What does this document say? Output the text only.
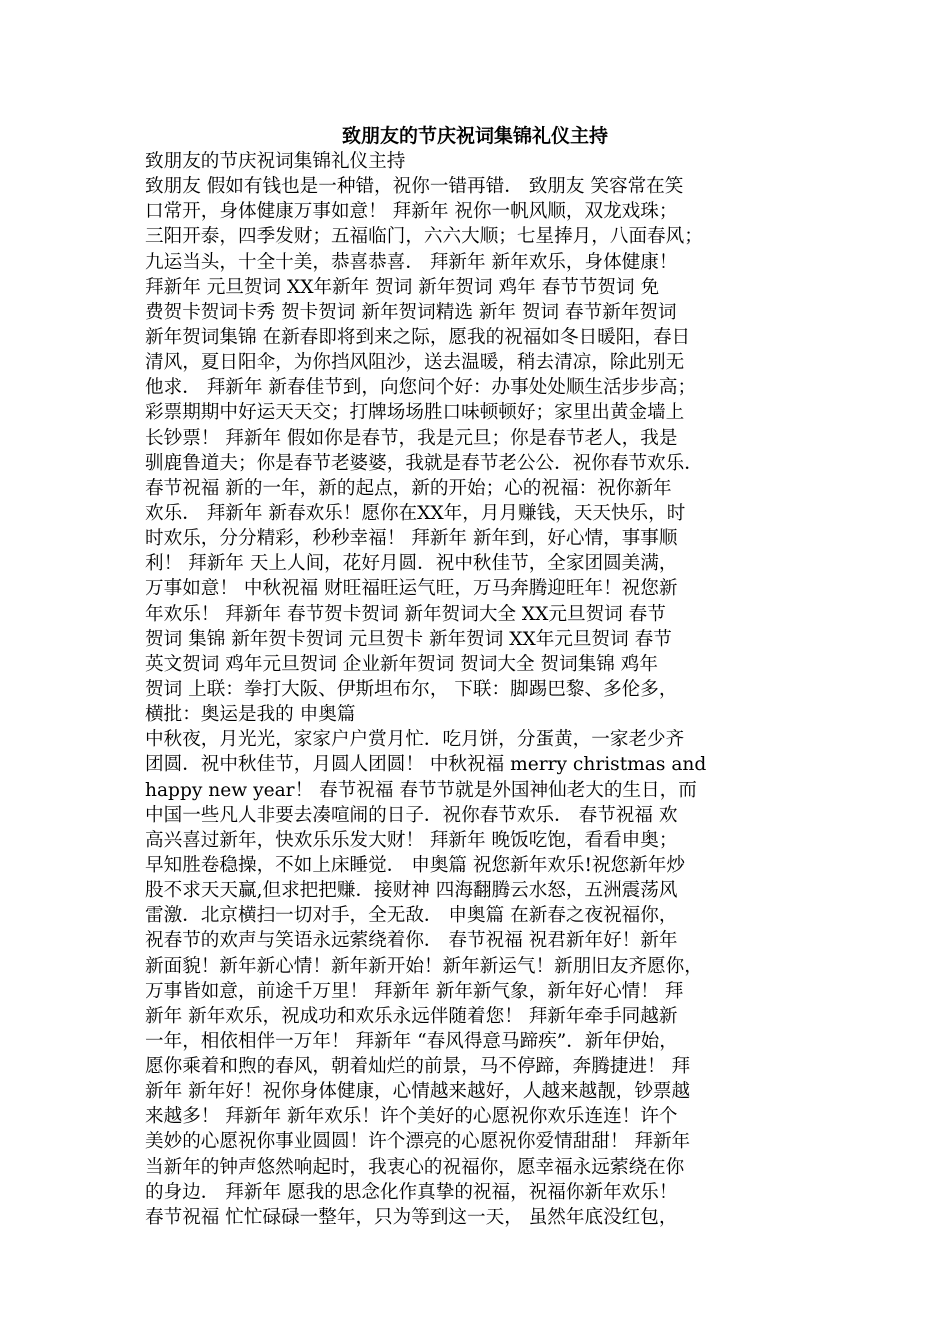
致朋友的节庆祝词集锦礼仪主持
致朋友的节庆祝词集锦礼仪主持
致朋友 假如有钱也是一种错，祝你一错再错． 致朋友 笑容常在笑
口常开，身体健康万事如意！ 拜新年 祝你一帆风顺，双龙戏珠；
三阳开泰，四季发财；五福临门，六六大顺；七星捧月，八面春风；
九运当头，十全十美，恭喜恭喜． 拜新年 新年欢乐，身体健康！
拜新年 元旦贺词 XX年新年 贺词 新年贺词 鸡年 春节节贺词 免
费贺卡贺词卡秀 贺卡贺词 新年贺词精选 新年 贺词 春节新年贺词
新年贺词集锦 在新春即将到来之际，愿我的祝福如冬日暖阳，春日
清风，夏日阳伞，为你挡风阻沙，送去温暖，稍去清凉，除此别无
他求． 拜新年 新春佳节到，向您问个好：办事处处顺生活步步高；
彩票期期中好运天天交；打牌场场胜口味顿顿好；家里出黄金墙上
长钞票！ 拜新年 假如你是春节，我是元旦；你是春节老人，我是
驯鹿鲁道夫；你是春节老婆婆，我就是春节老公公．祝你春节欢乐．
春节祝福 新的一年，新的起点，新的开始；心的祝福：祝你新年
欢乐． 拜新年 新春欢乐！愿你在XX年，月月赚钱，天天快乐，时
时欢乐，分分精彩，秒秒幸福！ 拜新年 新年到，好心情，事事顺
利！ 拜新年 天上人间，花好月圆．祝中秋佳节，全家团圆美满，
万事如意！ 中秋祝福 财旺福旺运气旺，万马奔腾迎旺年！祝您新
年欢乐！ 拜新年 春节贺卡贺词 新年贺词大全 XX元旦贺词 春节
贺词 集锦 新年贺卡贺词 元旦贺卡 新年贺词 XX年元旦贺词 春节
英文贺词 鸡年元旦贺词 企业新年贺词 贺词大全 贺词集锦 鸡年
贺词 上联：拳打大阪、伊斯坦布尔， 下联：脚踢巴黎、多伦多，
横批：奥运是我的 申奥篇
中秋夜，月光光，家家户户赏月忙．吃月饼，分蛋黄，一家老少齐
团圆．祝中秋佳节，月圆人团圆！ 中秋祝福 merry christmas and
happy new year！ 春节祝福 春节节就是外国神仙老大的生日，而
中国一些凡人非要去凑喧闹的日子．祝你春节欢乐． 春节祝福 欢
高兴喜过新年，快欢乐乐发大财！ 拜新年 晚饭吃饱，看看申奥；
早知胜卷稳操，不如上床睡觉． 申奥篇 祝您新年欢乐!祝您新年炒
股不求天天赢,但求把把赚．接财神 四海翻腾云水怒，五洲震荡风
雷激．北京横扫一切对手，全无敌． 申奥篇 在新春之夜祝福你，
祝春节的欢声与笑语永远萦绕着你． 春节祝福 祝君新年好！新年
新面貌！新年新心情！新年新开始！新年新运气！新朋旧友齐愿你，
万事皆如意，前途千万里！ 拜新年 新年新气象，新年好心情！ 拜
新年 新年欢乐，祝成功和欢乐永远伴随着您！ 拜新年牵手同越新
一年，相依相伴一万年！ 拜新年 “春风得意马蹄疾”．新年伊始，
愿你乘着和煦的春风，朝着灿烂的前景，马不停蹄，奔腾捷进！ 拜
新年 新年好！祝你身体健康，心情越来越好，人越来越靓，钞票越
来越多！ 拜新年 新年欢乐！许个美好的心愿祝你欢乐连连！许个
美妙的心愿祝你事业圆圆！许个漂亮的心愿祝你爱情甜甜！ 拜新年
当新年的钟声悠然响起时，我衷心的祝福你，愿幸福永远萦绕在你
的身边． 拜新年 愿我的思念化作真挚的祝福，祝福你新年欢乐！
春节祝福 忙忙碌碌一整年，只为等到这一天， 虽然年底没红包，
